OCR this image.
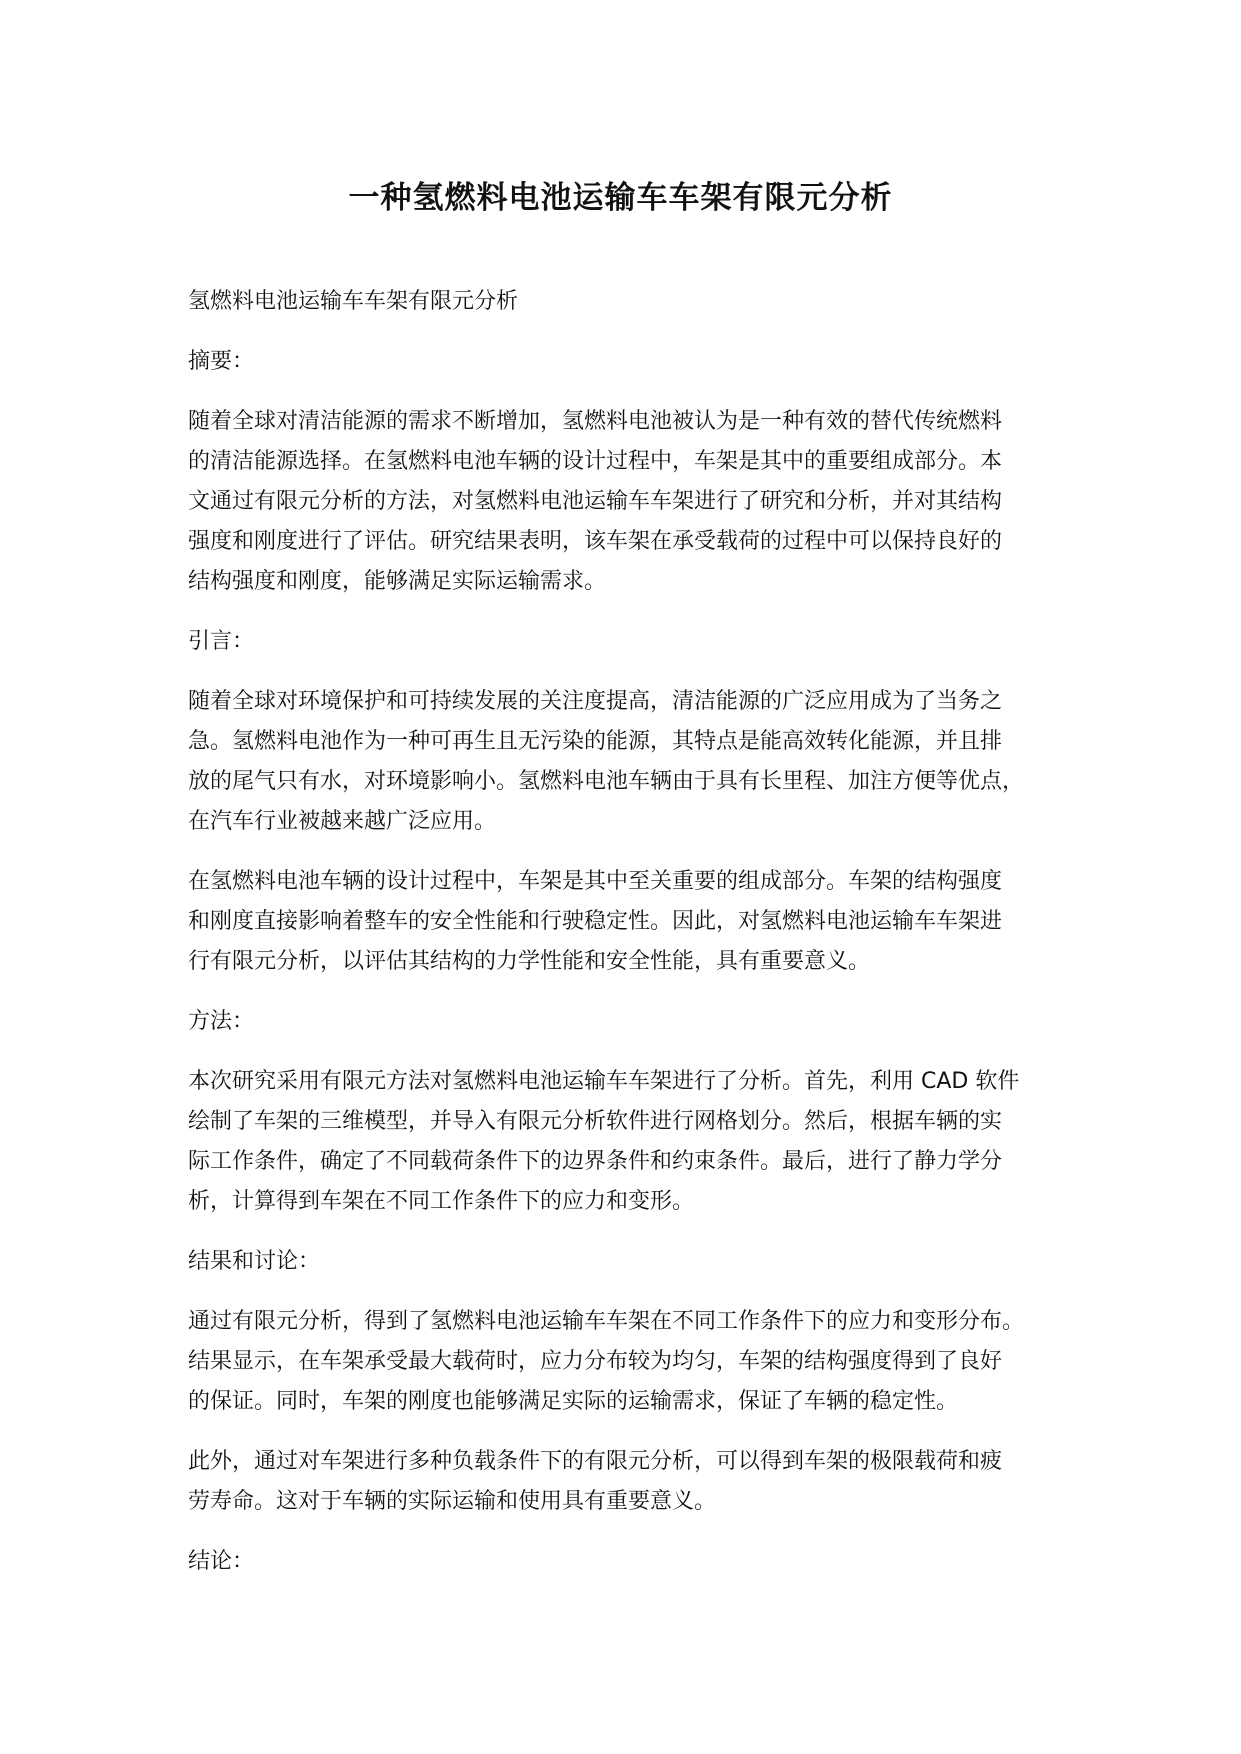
一种氢燃料电池运输车车架有限元分析

氢燃料电池运输车车架有限元分析

摘要：

随着全球对清洁能源的需求不断增加，氢燃料电池被认为是一种有效的替代传统燃料

的清洁能源选择。在氢燃料电池车辆的设计过程中，车架是其中的重要组成部分。本

文通过有限元分析的方法，对氢燃料电池运输车车架进行了研究和分析，并对其结构

强度和刚度进行了评估。研究结果表明，该车架在承受载荷的过程中可以保持良好的

结构强度和刚度，能够满足实际运输需求。

引言：

随着全球对环境保护和可持续发展的关注度提高，清洁能源的广泛应用成为了当务之

急。氢燃料电池作为一种可再生且无污染的能源，其特点是能高效转化能源，并且排

放的尾气只有水，对环境影响小。氢燃料电池车辆由于具有长里程、加注方便等优点，

在汽车行业被越来越广泛应用。

在氢燃料电池车辆的设计过程中，车架是其中至关重要的组成部分。车架的结构强度

和刚度直接影响着整车的安全性能和行驶稳定性。因此，对氢燃料电池运输车车架进

行有限元分析，以评估其结构的力学性能和安全性能，具有重要意义。

方法：

本次研究采用有限元方法对氢燃料电池运输车车架进行了分析。首先，利用 CAD 软件

绘制了车架的三维模型，并导入有限元分析软件进行网格划分。然后，根据车辆的实

际工作条件，确定了不同载荷条件下的边界条件和约束条件。最后，进行了静力学分

析，计算得到车架在不同工作条件下的应力和变形。

结果和讨论：

通过有限元分析，得到了氢燃料电池运输车车架在不同工作条件下的应力和变形分布。

结果显示，在车架承受最大载荷时，应力分布较为均匀，车架的结构强度得到了良好

的保证。同时，车架的刚度也能够满足实际的运输需求，保证了车辆的稳定性。

此外，通过对车架进行多种负载条件下的有限元分析，可以得到车架的极限载荷和疲

劳寿命。这对于车辆的实际运输和使用具有重要意义。

结论：
